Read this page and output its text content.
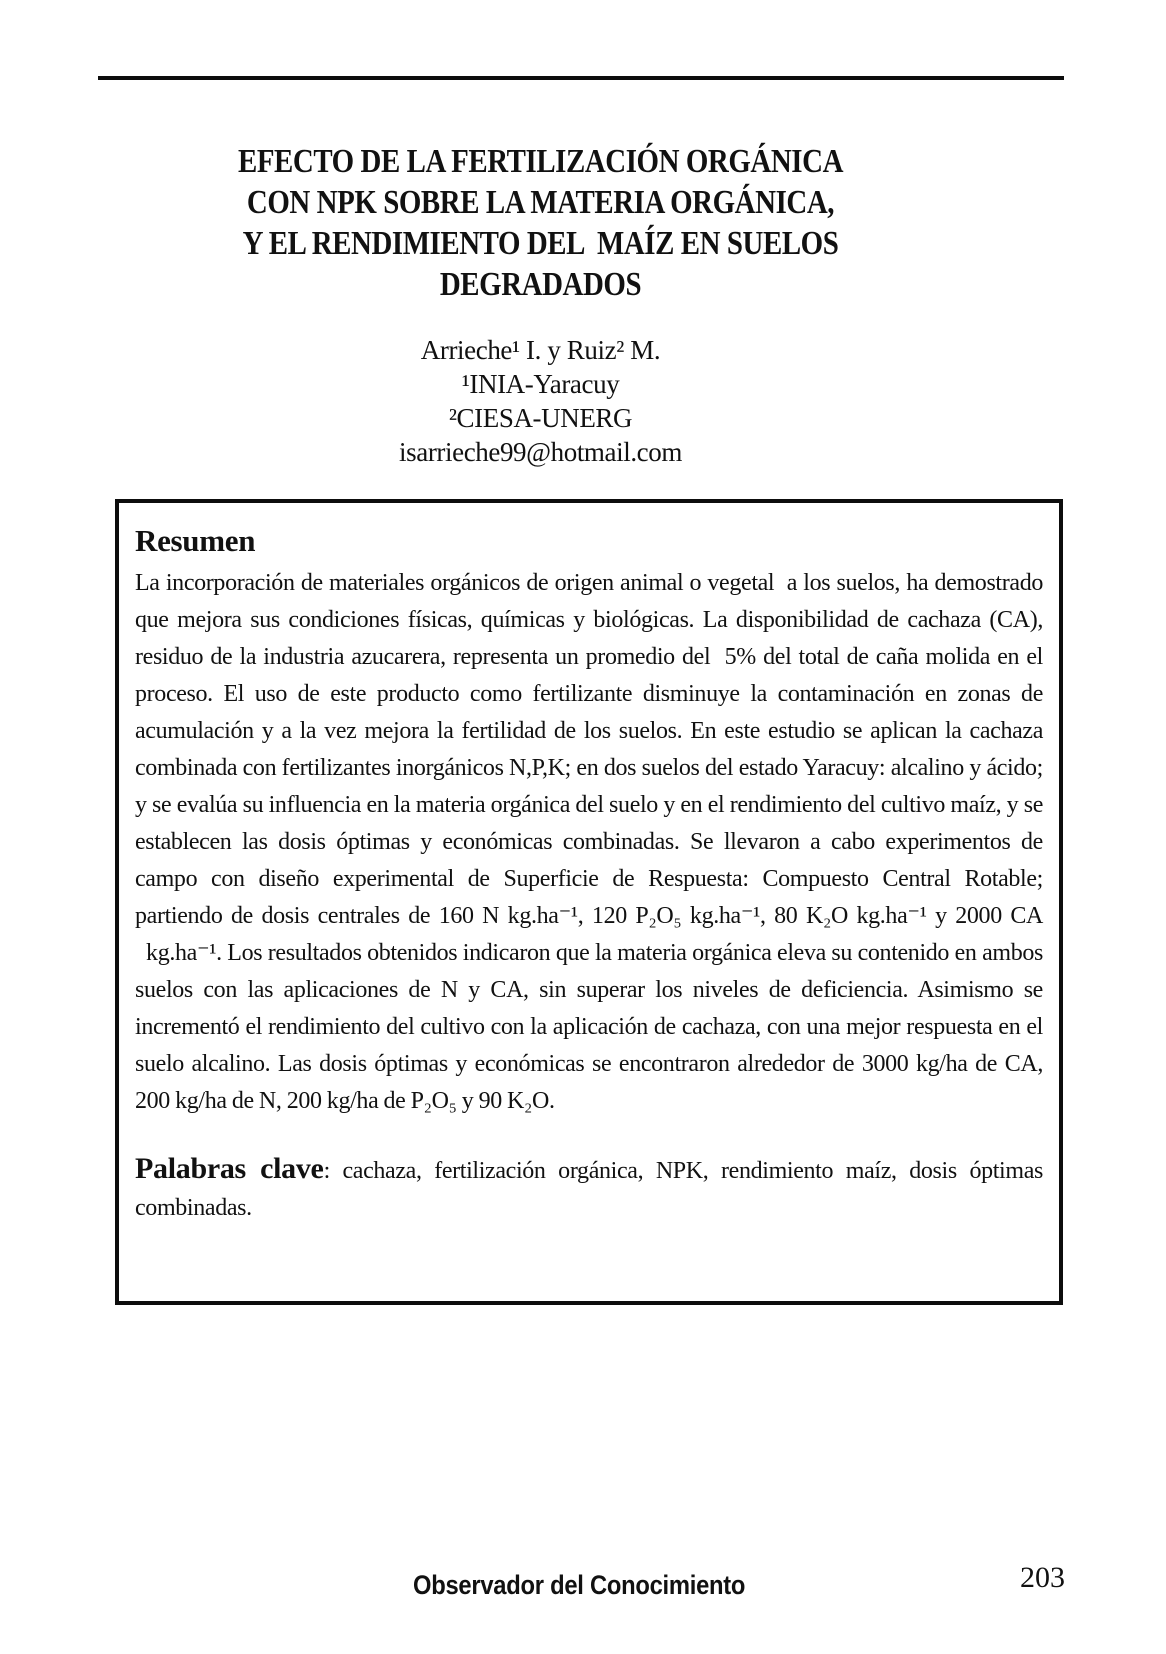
EFECTO DE LA FERTILIZACIÓN ORGÁNICA
CON NPK SOBRE LA MATERIA ORGÁNICA,
Y EL RENDIMIENTO DEL  MAÍZ EN SUELOS
DEGRADADOS
Arrieche¹ I. y Ruiz² M.
¹INIA-Yaracuy
²CIESA-UNERG
isarrieche99@hotmail.com
Resumen

La incorporación de materiales orgánicos de origen animal o vegetal  a los suelos, ha demostrado que mejora sus condiciones físicas, químicas y biológicas. La disponibilidad de cachaza (CA), residuo de la industria azucarera, representa un promedio del  5% del total de caña molida en el proceso. El uso de este producto como fertilizante disminuye la contaminación en zonas de acumulación y a la vez mejora la fertilidad de los suelos. En este estudio se aplican la cachaza combinada con fertilizantes inorgánicos N,P,K; en dos suelos del estado Yaracuy: alcalino y ácido; y se evalúa su influencia en la materia orgánica del suelo y en el rendimiento del cultivo maíz, y se establecen las dosis óptimas y económicas combinadas. Se llevaron a cabo experimentos de campo con diseño experimental de Superficie de Respuesta: Compuesto Central Rotable; partiendo de dosis centrales de 160 N kg.ha⁻¹, 120 P₂O₅ kg.ha⁻¹, 80 K₂O kg.ha⁻¹ y 2000 CA   kg.ha⁻¹. Los resultados obtenidos indicaron que la materia orgánica eleva su contenido en ambos suelos con las aplicaciones de N y CA, sin superar los niveles de deficiencia. Asimismo se incrementó el rendimiento del cultivo con la aplicación de cachaza, con una mejor respuesta en el suelo alcalino. Las dosis óptimas y económicas se encontraron alrededor de 3000 kg/ha de CA, 200 kg/ha de N, 200 kg/ha de P₂O₅ y 90 K₂O.

Palabras clave: cachaza, fertilización orgánica, NPK, rendimiento maíz, dosis óptimas combinadas.

Observador del Conocimiento	203
